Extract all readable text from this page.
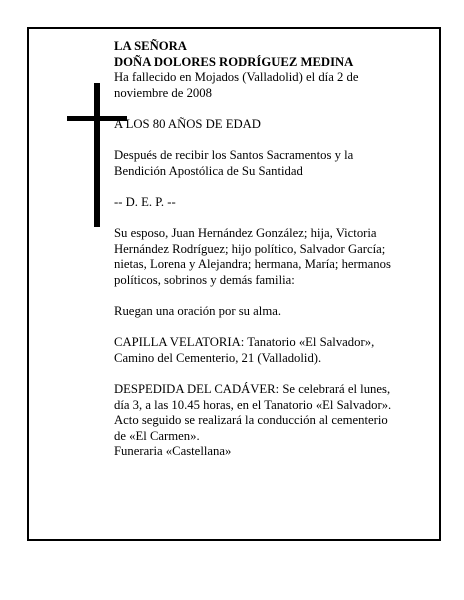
LA SEÑORA

DOÑA DOLORES RODRÍGUEZ MEDINA

Ha fallecido en Mojados (Valladolid) el día 2 de

noviembre de 2008

A LOS 80 AÑOS DE EDAD

Después de recibir los Santos Sacramentos y la

Bendición Apostólica de Su Santidad

-- D. E. P. --

Su esposo, Juan Hernández González; hija, Victoria

Hernández Rodríguez; hijo político, Salvador García;

nietas, Lorena y Alejandra; hermana, María; hermanos

políticos, sobrinos y demás familia:

Ruegan una oración por su alma.

CAPILLA VELATORIA: Tanatorio «El Salvador»,

Camino del Cementerio, 21 (Valladolid).

DESPEDIDA DEL CADÁVER: Se celebrará el lunes,

día 3, a las 10.45 horas, en el Tanatorio «El Salvador».

Acto seguido se realizará la conducción al cementerio

de «El Carmen».

Funeraria «Castellana»
